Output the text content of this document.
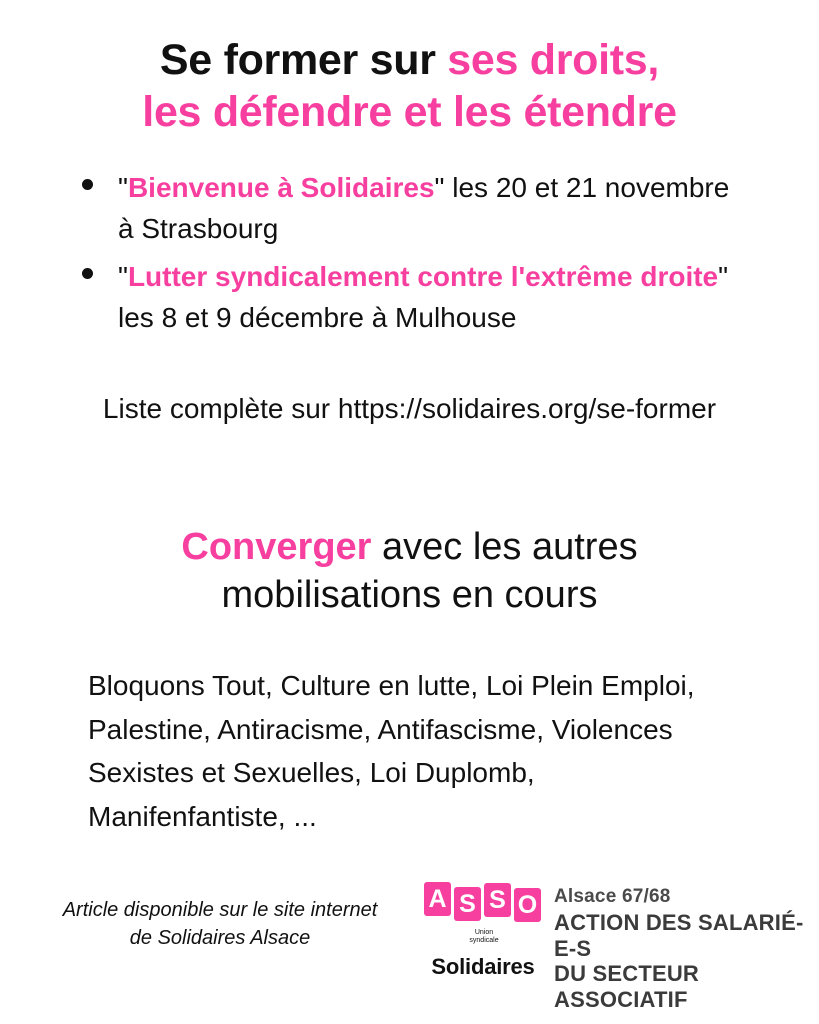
Se former sur ses droits,
les défendre et les étendre
"Bienvenue à Solidaires" les 20 et 21 novembre à Strasbourg
"Lutter syndicalement contre l'extrême droite" les 8 et 9 décembre à Mulhouse
Liste complète sur https://solidaires.org/se-former
Converger avec les autres
mobilisations en cours
Bloquons Tout, Culture en lutte, Loi Plein Emploi, Palestine, Antiracisme, Antifascisme, Violences Sexistes et Sexuelles, Loi Duplomb, Manifenfantiste, ...
Article disponible sur le site internet de Solidaires Alsace
A S S O
Union
syndicale
Solidaires
Alsace 67/68
ACTION DES SALARIÉ-E-S
DU SECTEUR ASSOCIATIF
